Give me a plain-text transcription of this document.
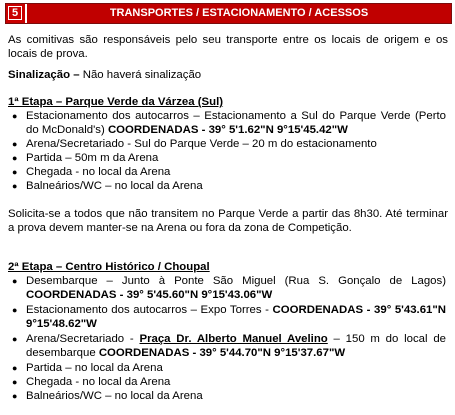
5	TRANSPORTES / ESTACIONAMENTO / ACESSOS
As comitivas são responsáveis pelo seu transporte entre os locais de origem e os locais de prova.
Sinalização – Não haverá sinalização
1ª Etapa – Parque Verde da Várzea (Sul)
● Estacionamento dos autocarros – Estacionamento a Sul do Parque Verde (Perto do McDonald's) COORDENADAS - 39° 5'1.62"N 9°15'45.42"W
● Arena/Secretariado - Sul do Parque Verde – 20 m do estacionamento
● Partida – 50m m da Arena
● Chegada - no local da Arena
● Balneários/WC – no local da Arena
Solicita-se a todos que não transitem no Parque Verde a partir das 8h30. Até terminar a prova devem manter-se na Arena ou fora da zona de Competição.
2ª Etapa – Centro Histórico / Choupal
● Desembarque – Junto à Ponte São Miguel (Rua S. Gonçalo de Lagos) COORDENADAS - 39° 5'45.60"N 9°15'43.06"W
● Estacionamento dos autocarros – Expo Torres - COORDENADAS - 39° 5'43.61"N 9°15'48.62"W
● Arena/Secretariado - Praça Dr. Alberto Manuel Avelino – 150 m do local de desembarque COORDENADAS - 39° 5'44.70"N 9°15'37.67"W
● Partida – no local da Arena
● Chegada - no local da Arena
● Balneários/WC – no local da Arena
